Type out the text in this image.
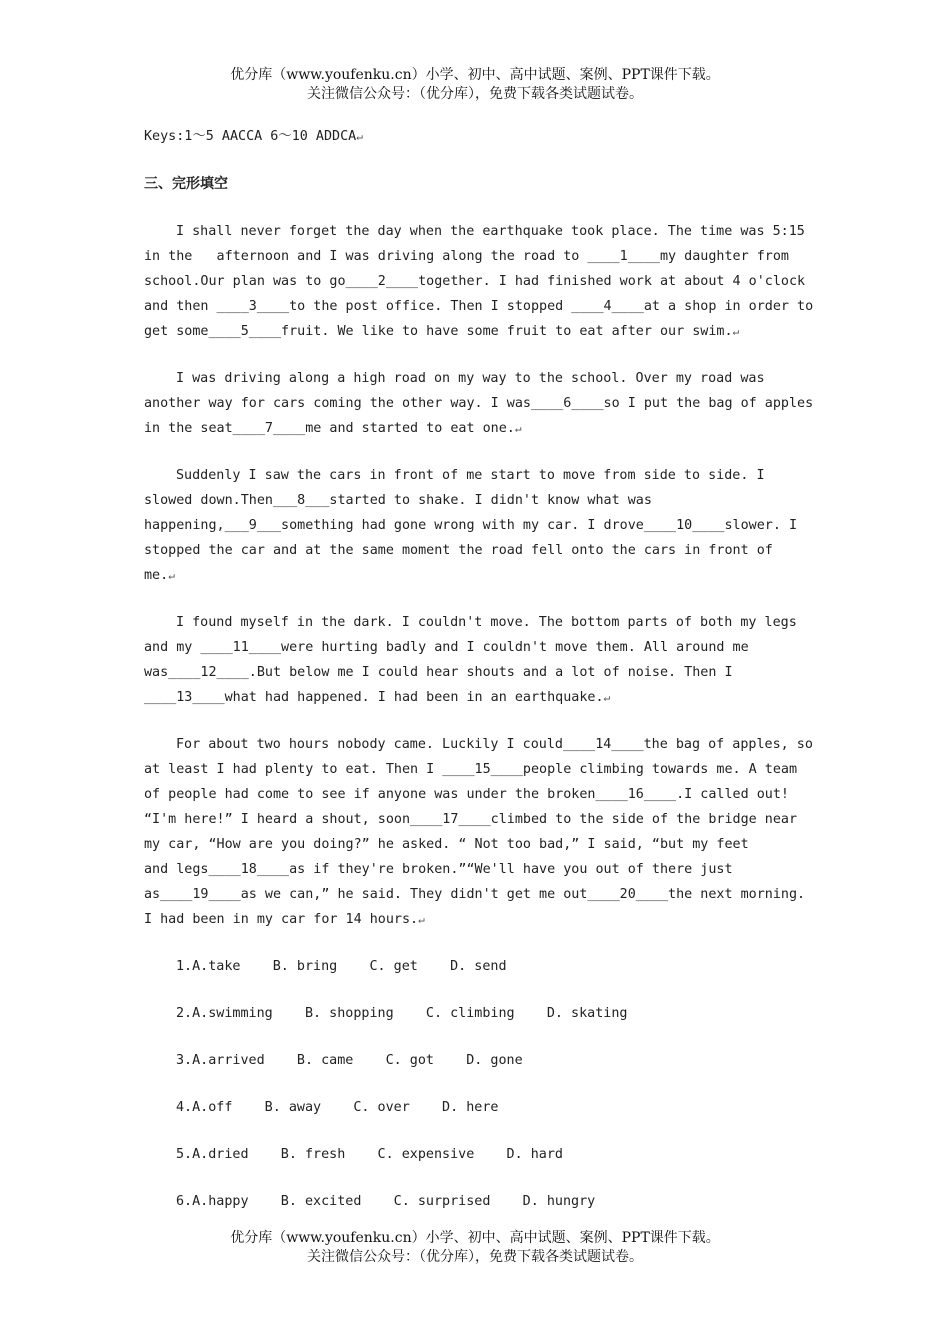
优分库（www.youfenku.cn）小学、初中、高中试题、案例、PPT课件下载。
关注微信公众号：（优分库），免费下载各类试题试卷。
Keys:1～5 AACCA 6～10 ADDCA↵
三、完形填空
I shall never forget the day when the earthquake took place. The time was 5:15
in the   afternoon and I was driving along the road to ____1____my daughter from
school.Our plan was to go____2____together. I had finished work at about 4 o'clock
and then ____3____to the post office. Then I stopped ____4____at a shop in order to
get some____5____fruit. We like to have some fruit to eat after our swim.↵
I was driving along a high road on my way to the school. Over my road was
another way for cars coming the other way. I was____6____so I put the bag of apples
in the seat____7____me and started to eat one.↵
Suddenly I saw the cars in front of me start to move from side to side. I
slowed down.Then___8___started to shake. I didn't know what was
happening,___9___something had gone wrong with my car. I drove____10____slower. I
stopped the car and at the same moment the road fell onto the cars in front of
me.↵
I found myself in the dark. I couldn't move. The bottom parts of both my legs
and my ____11____were hurting badly and I couldn't move them. All around me
was____12____.But below me I could hear shouts and a lot of noise. Then I
____13____what had happened. I had been in an earthquake.↵
For about two hours nobody came. Luckily I could____14____the bag of apples, so
at least I had plenty to eat. Then I ____15____people climbing towards me. A team
of people had come to see if anyone was under the broken____16____.I called out!
“I'm here!” I heard a shout, soon____17____climbed to the side of the bridge near
my car, “How are you doing?” he asked. “ Not too bad,” I said, “but my feet
and legs____18____as if they're broken.”“We'll have you out of there just
as____19____as we can,” he said. They didn't get me out____20____the next morning.
I had been in my car for 14 hours.↵
1.A.take    B. bring    C. get    D. send
2.A.swimming    B. shopping    C. climbing    D. skating
3.A.arrived    B. came    C. got    D. gone
4.A.off    B. away    C. over    D. here
5.A.dried    B. fresh    C. expensive    D. hard
6.A.happy    B. excited    C. surprised    D. hungry
优分库（www.youfenku.cn）小学、初中、高中试题、案例、PPT课件下载。
关注微信公众号：（优分库），免费下载各类试题试卷。
